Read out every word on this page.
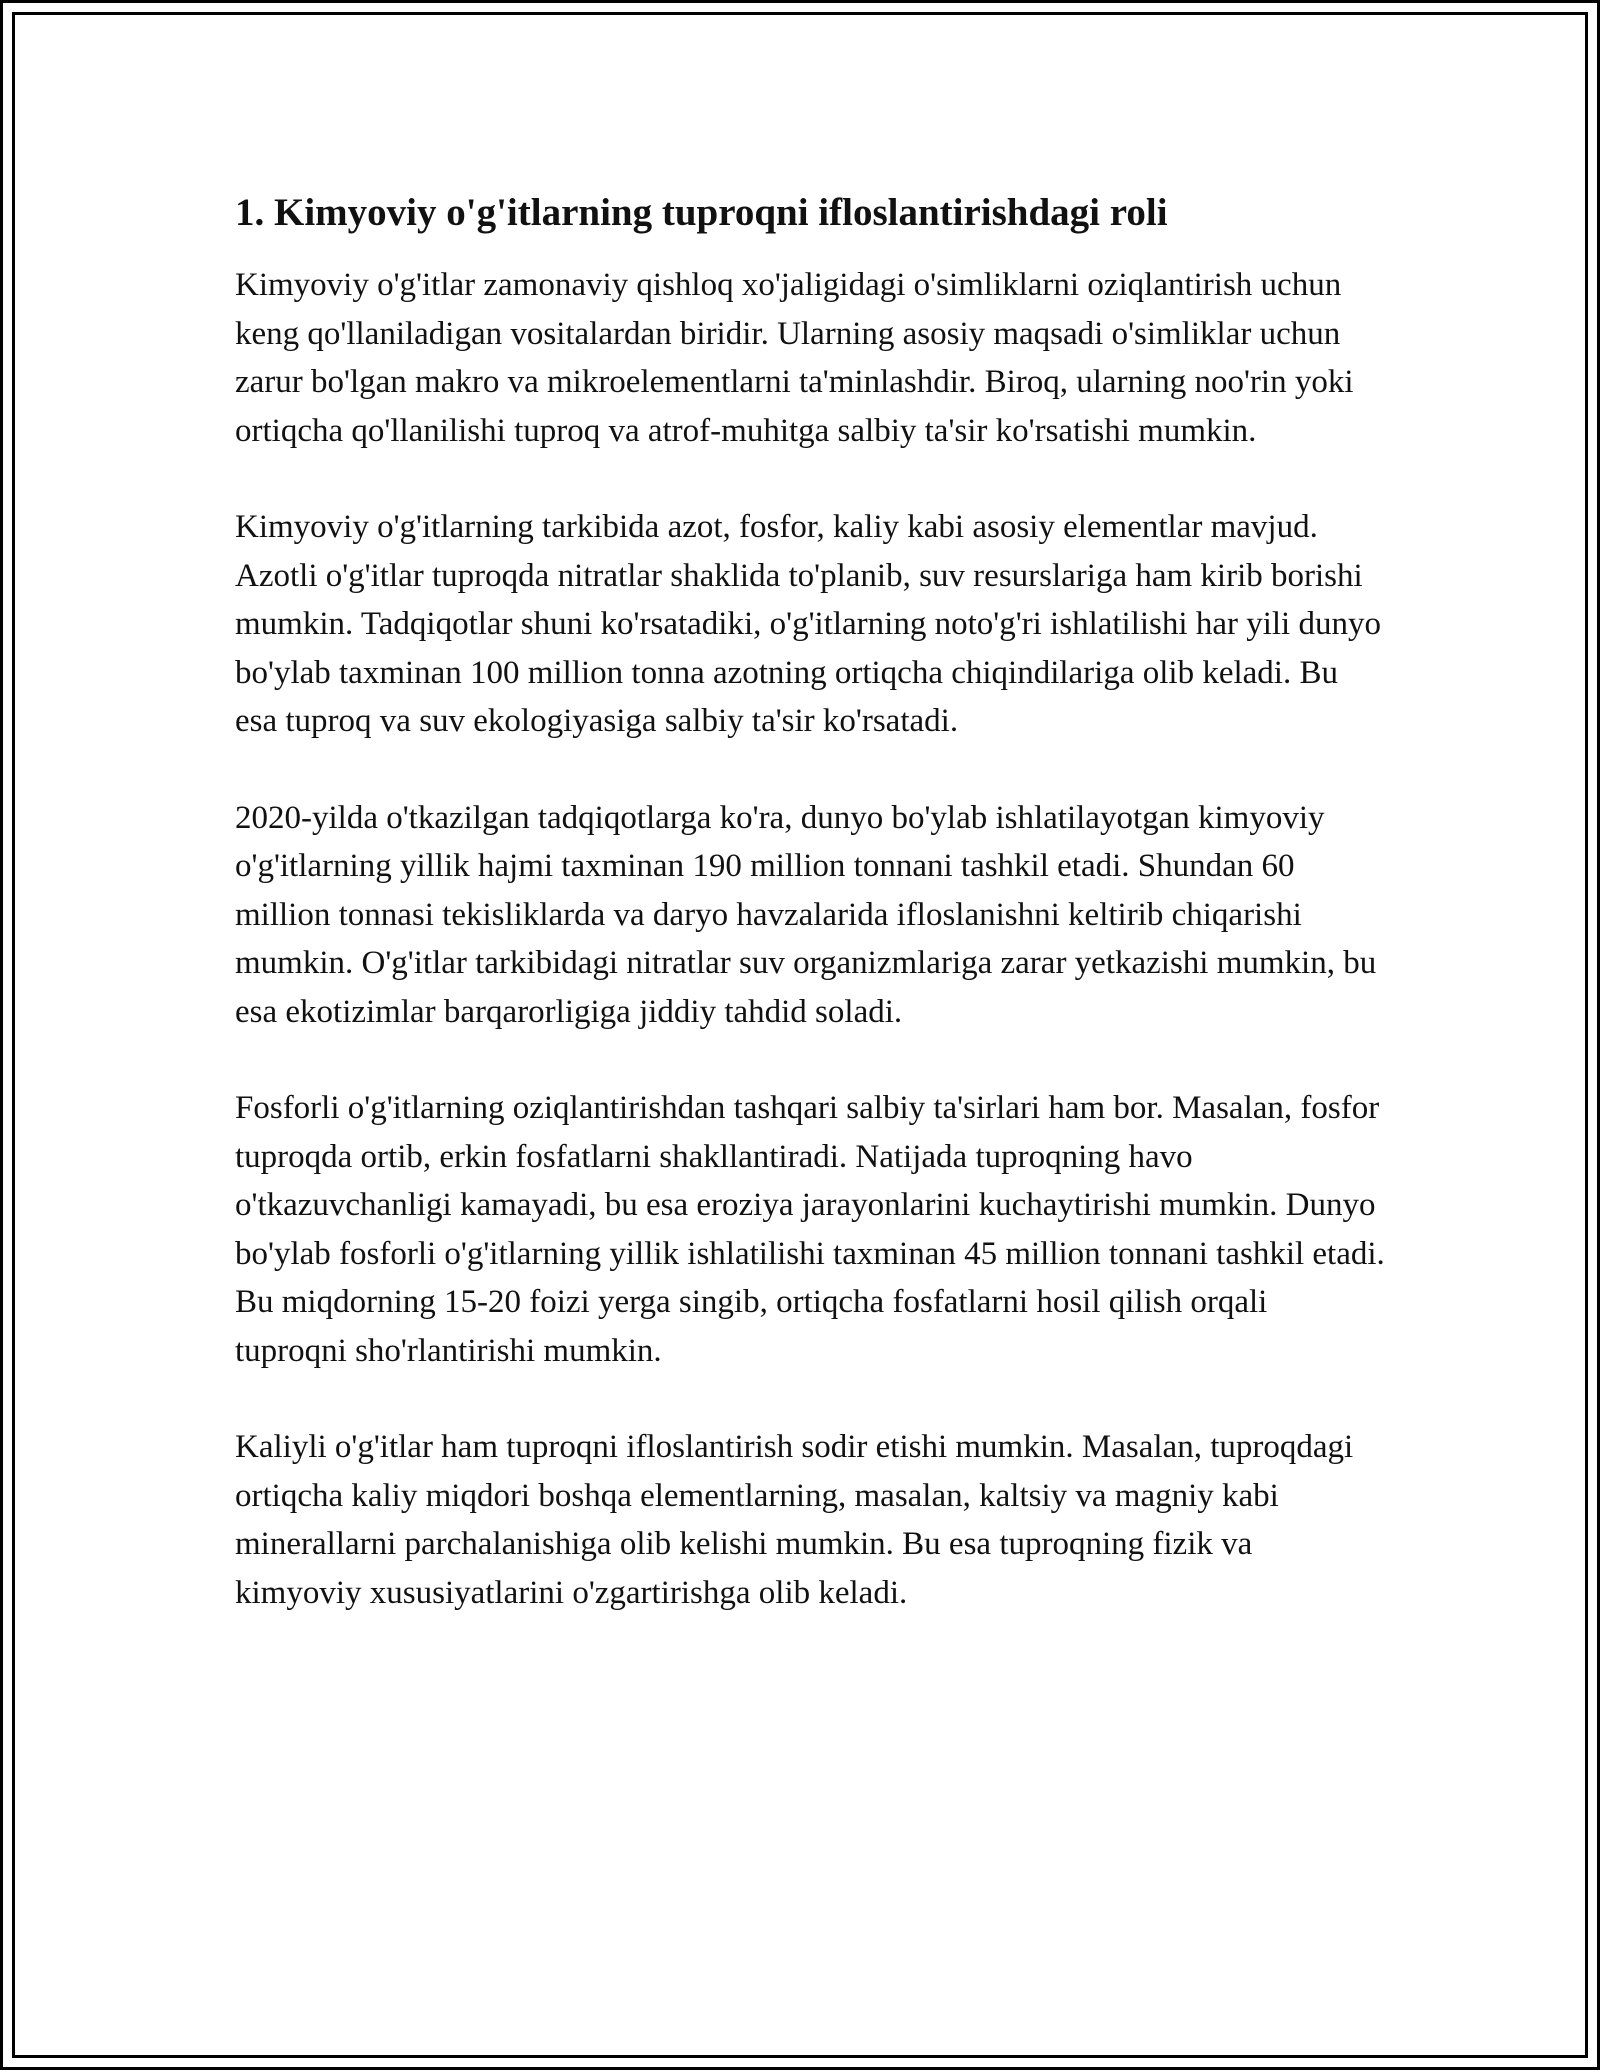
1. Kimyoviy o'g'itlarning tuproqni ifloslantirishdagi roli

Kimyoviy o'g'itlar zamonaviy qishloq xo'jaligidagi o'simliklarni oziqlantirish uchun keng qo'llaniladigan vositalardan biridir. Ularning asosiy maqsadi o'simliklar uchun zarur bo'lgan makro va mikroelementlarni ta'minlashdir. Biroq, ularning noo'rin yoki ortiqcha qo'llanilishi tuproq va atrof-muhitga salbiy ta'sir ko'rsatishi mumkin.

Kimyoviy o'g'itlarning tarkibida azot, fosfor, kaliy kabi asosiy elementlar mavjud. Azotli o'g'itlar tuproqda nitratlar shaklida to'planib, suv resurslariga ham kirib borishi mumkin. Tadqiqotlar shuni ko'rsatadiki, o'g'itlarning noto'g'ri ishlatilishi har yili dunyo bo'ylab taxminan 100 million tonna azotning ortiqcha chiqindilariga olib keladi. Bu esa tuproq va suv ekologiyasiga salbiy ta'sir ko'rsatadi.

2020-yilda o'tkazilgan tadqiqotlarga ko'ra, dunyo bo'ylab ishlatilayotgan kimyoviy o'g'itlarning yillik hajmi taxminan 190 million tonnani tashkil etadi. Shundan 60 million tonnasi tekisliklarda va daryo havzalarida ifloslanishni keltirib chiqarishi mumkin. O'g'itlar tarkibidagi nitratlar suv organizmlariga zarar yetkazishi mumkin, bu esa ekotizimlar barqarorligiga jiddiy tahdid soladi.

Fosforli o'g'itlarning oziqlantirishdan tashqari salbiy ta'sirlari ham bor. Masalan, fosfor tuproqda ortib, erkin fosfatlarni shakllantiradi. Natijada tuproqning havo o'tkazuvchanligi kamayadi, bu esa eroziya jarayonlarini kuchaytirishi mumkin. Dunyo bo'ylab fosforli o'g'itlarning yillik ishlatilishi taxminan 45 million tonnani tashkil etadi. Bu miqdorning 15-20 foizi yerga singib, ortiqcha fosfatlarni hosil qilish orqali tuproqni sho'rlantirishi mumkin.

Kaliyli o'g'itlar ham tuproqni ifloslantirish sodir etishi mumkin. Masalan, tuproqdagi ortiqcha kaliy miqdori boshqa elementlarning, masalan, kaltsiy va magniy kabi minerallarni parchalanishiga olib kelishi mumkin. Bu esa tuproqning fizik va kimyoviy xususiyatlarini o'zgartirishga olib keladi.
